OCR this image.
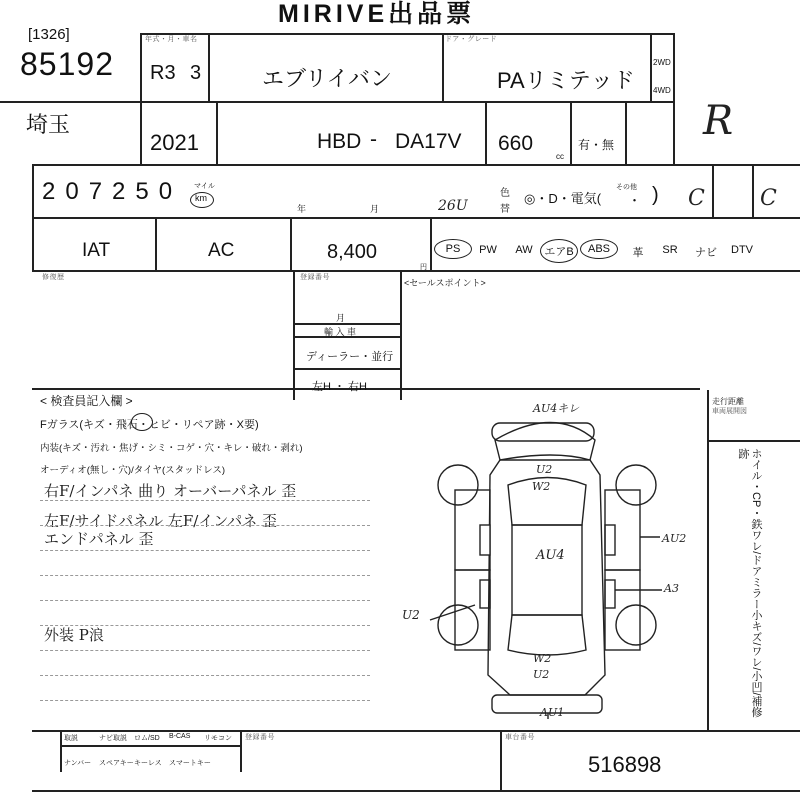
MIRIVE出品票
[1326]
85192
年式・月・車名	ドア・グレード
R3 3	エブリイバン	PAリミテッド
2WD
4WD
R
埼玉
2021	HBD - DA17V 660
cc
有・無
207250 マイル
km
年	月	26U
色
替
◎・D・電気(
その他
・ ) C	C
IAT	AC	8,400
円
PS	PW	AW	エアB	ABS	革	SR	ナビ	DTV
修復歴	登録番号
月
輸 入 車
ディーラー・並行
左H ・ 右H
<セールスポイント>
< 検査員記入欄 >
Fガラス(キズ・飛石・ヒビ・リペア跡・X要)
内装(キズ・汚れ・焦げ・シミ・コゲ・穴・キレ・破れ・剥れ)
オーディオ(無し・穴)/タイヤ(スタッドレス)
右F/インパネ 曲り オーバーパネル 歪
左F/サイドパネル 左F/インパネ 歪
エンドパネル 歪
外装 P浪
AU4キレ
U2
W2
AU4
AU2
A3
U2
W2
U2
AU1
走行距離
車両展開図
ホイル・CP・鉄ワレ/ドアミラー小キズ/ワレ/小凹/補修跡
取説	ナビ取説 ロム/SD B-CAS リモコン
ナンバー スペアキー キーレス スマートキー
登録番号	車台番号
516898
